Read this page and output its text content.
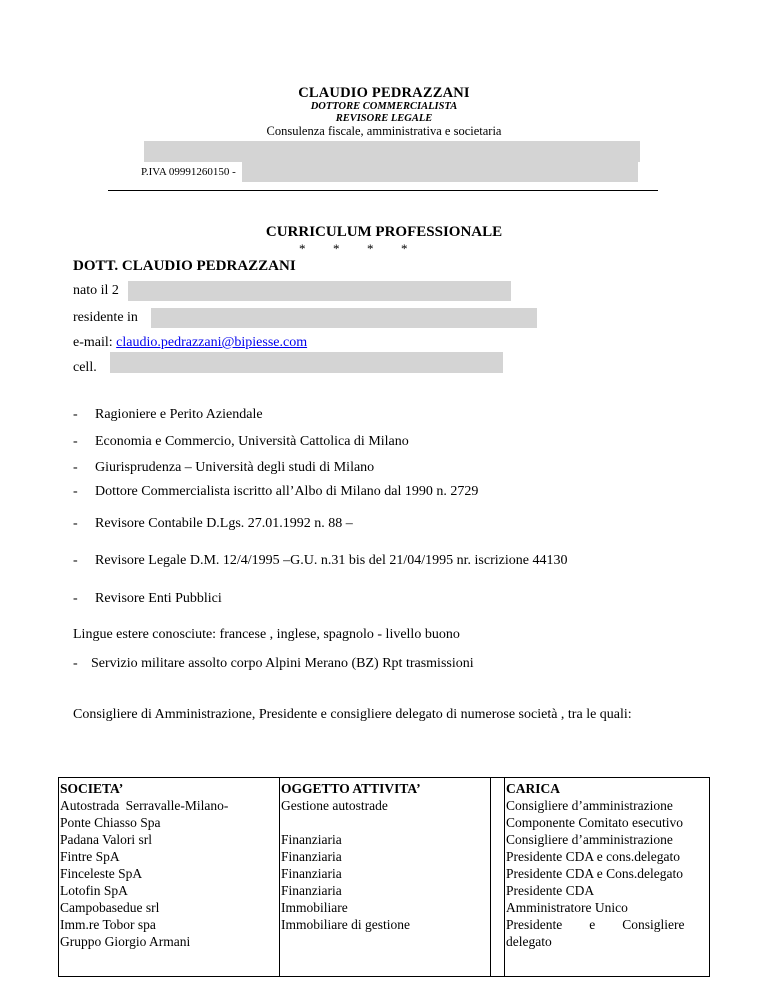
CLAUDIO PEDRAZZANI
DOTTORE COMMERCIALISTA
REVISORE LEGALE
Consulenza fiscale, amministrativa e societaria
P.IVA 09991260150 -
CURRICULUM PROFESSIONALE
* * * *
DOTT. CLAUDIO PEDRAZZANI
nato il 2
residente in
e-mail: claudio.pedrazzani@bipiesse.com
cell.
- Ragioniere e Perito Aziendale
- Economia e Commercio, Università Cattolica di Milano
- Giurisprudenza – Università degli studi di Milano
- Dottore Commercialista iscritto all’Albo di Milano dal 1990 n. 2729
- Revisore Contabile D.Lgs. 27.01.1992 n. 88 –
- Revisore Legale D.M. 12/4/1995 –G.U. n.31 bis del 21/04/1995 nr. iscrizione 44130
- Revisore Enti Pubblici
Lingue estere conosciute: francese , inglese, spagnolo - livello buono
- Servizio militare assolto corpo Alpini Merano (BZ) Rpt trasmissioni
Consigliere di Amministrazione, Presidente e consigliere delegato di numerose società , tra le quali:
SOCIETA’	OGGETTO ATTIVITA’	CARICA
Autostrada Serravalle-Milano-	Gestione autostrade	Consigliere d’amministrazione
Ponte Chiasso Spa		Componente Comitato esecutivo
Padana Valori srl	Finanziaria	Consigliere d’amministrazione
Fintre SpA	Finanziaria	Presidente CDA e cons.delegato
Finceleste SpA	Finanziaria	Presidente CDA e Cons.delegato
Lotofin SpA	Finanziaria	Presidente CDA
Campobasedue srl	Immobiliare	Amministratore Unico
Imm.re Tobor spa	Immobiliare di gestione	Presidente        e        Consigliere
Gruppo Giorgio Armani		delegato
